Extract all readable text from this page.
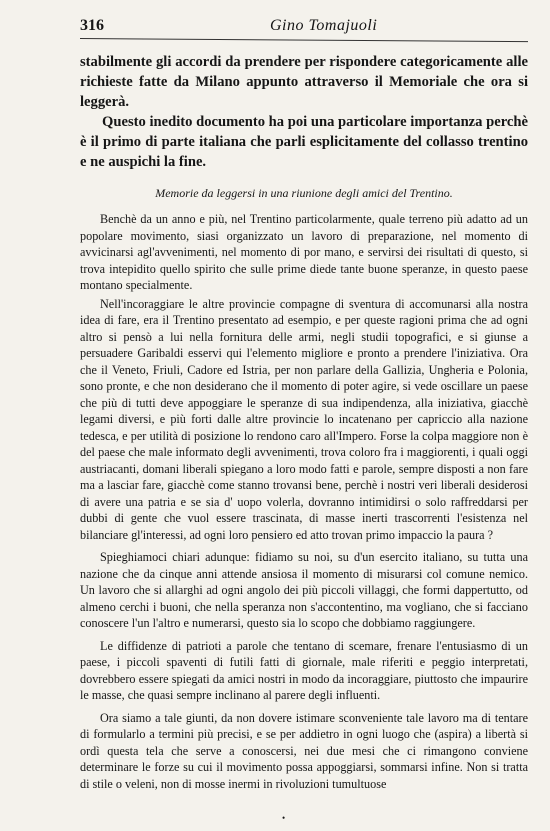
316	Gino Tomajuoli

stabilmente gli accordi da prendere per rispondere categoricamente alle richieste fatte da Milano appunto attraverso il Memoriale che ora si leggerà.

Questo inedito documento ha poi una particolare importanza perchè è il primo di parte italiana che parli esplicitamente del collasso trentino e ne auspichi la fine.

Memorie da leggersi in una riunione degli amici del Trentino.

Benchè da un anno e più, nel Trentino particolarmente, quale terreno più adatto ad un popolare movimento, siasi organizzato un lavoro di preparazione, nel momento di avvicinarsi agl'avvenimenti, nel momento di por mano, e servirsi dei risultati di questo, si trova intepidito quello spirito che sulle prime diede tante buone speranze, in questo paese montano specialmente.

Nell'incoraggiare le altre provincie compagne di sventura di accomunarsi alla nostra idea di fare, era il Trentino presentato ad esempio, e per queste ragioni prima che ad ogni altro si pensò a lui nella fornitura delle armi, negli studii topografici, e si giunse a persuadere Garibaldi esservi qui l'elemento migliore e pronto a prendere l'iniziativa. Ora che il Veneto, Friuli, Cadore ed Istria, per non parlare della Gallizia, Ungheria e Polonia, sono pronte, e che non desiderano che il momento di poter agire, si vede oscillare un paese che più di tutti deve appoggiare le speranze di sua indipendenza, alla iniziativa, giacchè legami diversi, e più forti dalle altre provincie lo incatenano per capriccio alla nazione tedesca, e per utilità di posizione lo rendono caro all'Impero. Forse la colpa maggiore non è del paese che male informato degli avvenimenti, trova coloro fra i maggiorenti, i quali oggi austriacanti, domani liberali spiegano a loro modo fatti e parole, sempre disposti a non fare ma a lasciar fare, giacchè come stanno trovansi bene, perchè i nostri veri liberali desiderosi di avere una patria e se sia d' uopo volerla, dovranno intimidirsi o solo raffreddarsi per dubbi di gente che vuol essere trascinata, di masse inerti trascorrenti l'esistenza nel bilanciare gl'interessi, ad ogni loro pensiero ed atto trovan primo impaccio la paura ?

Spieghiamoci chiari adunque: fidiamo su noi, su d'un esercito italiano, su tutta una nazione che da cinque anni attende ansiosa il momento di misurarsi col comune nemico. Un lavoro che si allarghi ad ogni angolo dei più piccoli villaggi, che formi dappertutto, od almeno cerchi i buoni, che nella speranza non s'accontentino, ma vogliano, che si facciano conoscere l'un l'altro e numerarsi, questo sia lo scopo che dobbiamo raggiungere.

Le diffidenze di patrioti a parole che tentano di scemare, frenare l'entusiasmo di un paese, i piccoli spaventi di futili fatti di giornale, male riferiti e peggio interpretati, dovrebbero essere spiegati da amici nostri in modo da incoraggiare, piuttosto che impaurire le masse, che quasi sempre inclinano al parere degli influenti.

Ora siamo a tale giunti, da non dovere istimare sconveniente tale lavoro ma di tentare di formularlo a termini più precisi, e se per addietro in ogni luogo che (aspira) a libertà si ordì questa tela che serve a conoscersi, nei due mesi che ci rimangono conviene determinare le forze su cui il movimento possa appoggiarsi, sommarsi infine. Non si tratta di stile o veleni, non di mosse inermi in rivoluzioni tumultuose

•
